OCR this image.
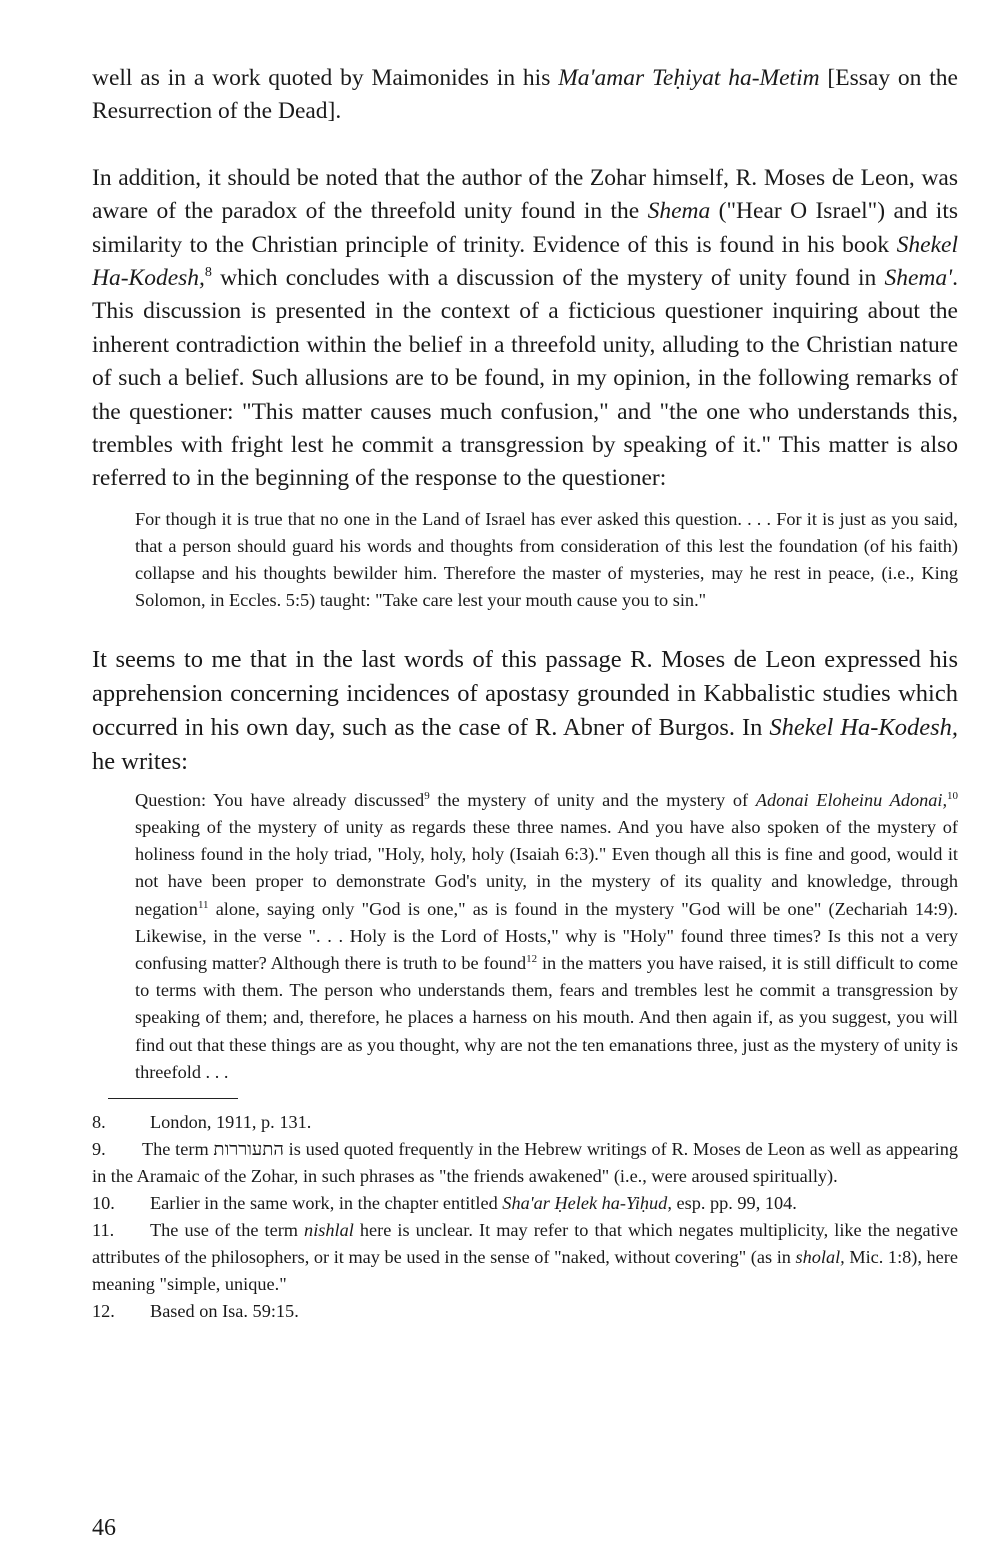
well as in a work quoted by Maimonides in his Ma'amar Teḥiyat ha-Metim [Essay on the Resurrection of the Dead].

In addition, it should be noted that the author of the Zohar himself, R. Moses de Leon, was aware of the paradox of the threefold unity found in the Shema ("Hear O Israel") and its similarity to the Christian principle of trinity. Evidence of this is found in his book Shekel Ha-Kodesh,$^8$ which concludes with a discussion of the mystery of unity found in Shema'. This discussion is presented in the context of a ficticious questioner inquiring about the inherent contradiction within the belief in a threefold unity, alluding to the Christian nature of such a belief. Such allusions are to be found, in my opinion, in the following remarks of the questioner: "This matter causes much confusion," and "the one who understands this, trembles with fright lest he commit a transgression by speaking of it." This matter is also referred to in the beginning of the response to the questioner:

For though it is true that no one in the Land of Israel has ever asked this question. . . . For it is just as you said, that a person should guard his words and thoughts from consideration of this lest the foundation (of his faith) collapse and his thoughts bewilder him. Therefore the master of mysteries, may he rest in peace, (i.e., King Solomon, in Eccles. 5:5) taught: "Take care lest your mouth cause you to sin."

It seems to me that in the last words of this passage R. Moses de Leon expressed his apprehension concerning incidences of apostasy grounded in Kabbalistic studies which occurred in his own day, such as the case of R. Abner of Burgos. In Shekel Ha-Kodesh, he writes:

Question: You have already discussed$^9$ the mystery of unity and the mystery of Adonai Eloheinu Adonai,$^{10}$ speaking of the mystery of unity as regards these three names. And you have also spoken of the mystery of holiness found in the holy triad, "Holy, holy, holy (Isaiah 6:3)." Even though all this is fine and good, would it not have been proper to demonstrate God's unity, in the mystery of its quality and knowledge, through negation$^{11}$ alone, saying only "God is one," as is found in the mystery "God will be one" (Zechariah 14:9). Likewise, in the verse ". . . Holy is the Lord of Hosts," why is "Holy" found three times? Is this not a very confusing matter? Although there is truth to be found$^{12}$ in the matters you have raised, it is still difficult to come to terms with them. The person who understands them, fears and trembles lest he commit a transgression by speaking of them; and, therefore, he places a harness on his mouth. And then again if, as you suggest, you will find out that these things are as you thought, why are not the ten emanations three, just as the mystery of unity is threefold . . .

8. London, 1911, p. 131.

9. The term התעוררות is used quoted frequently in the Hebrew writings of R. Moses de Leon as well as appearing in the Aramaic of the Zohar, in such phrases as "the friends awakened" (i.e., were aroused spiritually).

10. Earlier in the same work, in the chapter entitled Sha'ar Ḥelek ha-Yiḥud, esp. pp. 99, 104.

11. The use of the term nishlal here is unclear. It may refer to that which negates multiplicity, like the negative attributes of the philosophers, or it may be used in the sense of "naked, without covering" (as in sholal, Mic. 1:8), here meaning "simple, unique."

12. Based on Isa. 59:15.

46
